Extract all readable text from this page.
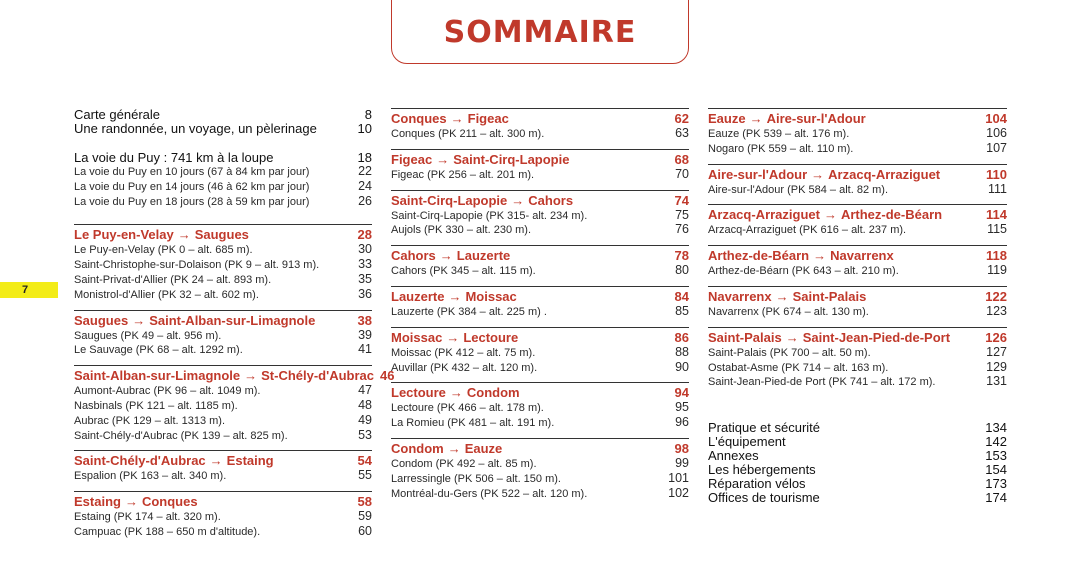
SOMMAIRE
7
Carte générale	8
Une randonnée, un voyage, un pèlerinage	10
La voie du Puy : 741 km à la loupe	18
La voie du Puy en 10 jours (67 à 84 km par jour)	22
La voie du Puy en 14 jours (46 à 62 km par jour)	24
La voie du Puy en 18 jours (28 à 59 km par jour)	26
Le Puy-en-Velay → Saugues	28
Le Puy-en-Velay (PK 0 – alt. 685 m).	30
Saint-Christophe-sur-Dolaison (PK 9 – alt. 913 m).	33
Saint-Privat-d'Allier (PK 24 – alt. 893 m).	35
Monistrol-d'Allier (PK 32 – alt. 602 m).	36
Saugues → Saint-Alban-sur-Limagnole	38
Saugues (PK 49 – alt. 956 m).	39
Le Sauvage (PK 68 – alt. 1292 m).	41
Saint-Alban-sur-Limagnole → St-Chély-d'Aubrac 46
Aumont-Aubrac (PK 96 – alt. 1049 m).	47
Nasbinals (PK 121 – alt. 1185 m).	48
Aubrac (PK 129 – alt. 1313 m).	49
Saint-Chély-d'Aubrac (PK 139 – alt. 825 m).	53
Saint-Chély-d'Aubrac → Estaing	54
Espalion (PK 163 – alt. 340 m).	55
Estaing → Conques	58
Estaing (PK 174 – alt. 320 m).	59
Campuac (PK 188 – 650 m d'altitude).	60
Conques → Figeac	62
Conques (PK 211 – alt. 300 m).	63
Figeac → Saint-Cirq-Lapopie	68
Figeac (PK 256 – alt. 201 m).	70
Saint-Cirq-Lapopie → Cahors	74
Saint-Cirq-Lapopie (PK 315- alt. 234 m).	75
Aujols (PK 330 – alt. 230 m).	76
Cahors → Lauzerte	78
Cahors (PK 345 – alt. 115 m).	80
Lauzerte → Moissac	84
Lauzerte (PK 384 – alt. 225 m) .	85
Moissac → Lectoure	86
Moissac (PK 412 – alt. 75 m).	88
Auvillar (PK 432 – alt. 120 m).	90
Lectoure → Condom	94
Lectoure (PK 466 – alt. 178 m).	95
La Romieu (PK 481 – alt. 191 m).	96
Condom → Eauze	98
Condom (PK 492 – alt. 85 m).	99
Larressingle (PK 506 – alt. 150 m).	101
Montréal-du-Gers (PK 522 – alt. 120 m).	102
Eauze → Aire-sur-l'Adour	104
Eauze (PK 539 – alt. 176 m).	106
Nogaro (PK 559 – alt. 110 m).	107
Aire-sur-l'Adour → Arzacq-Arraziguet	110
Aire-sur-l'Adour (PK 584 – alt. 82 m).	111
Arzacq-Arraziguet → Arthez-de-Béarn	114
Arzacq-Arraziguet (PK 616 – alt. 237 m).	115
Arthez-de-Béarn → Navarrenx	118
Arthez-de-Béarn (PK 643 – alt. 210 m).	119
Navarrenx → Saint-Palais	122
Navarrenx (PK 674 – alt. 130 m).	123
Saint-Palais → Saint-Jean-Pied-de-Port	126
Saint-Palais (PK 700 – alt. 50 m).	127
Ostabat-Asme (PK 714 – alt. 163 m).	129
Saint-Jean-Pied-de Port (PK 741 – alt. 172 m).	131
Pratique et sécurité	134
L'équipement	142
Annexes	153
Les hébergements	154
Réparation vélos	173
Offices de tourisme	174
